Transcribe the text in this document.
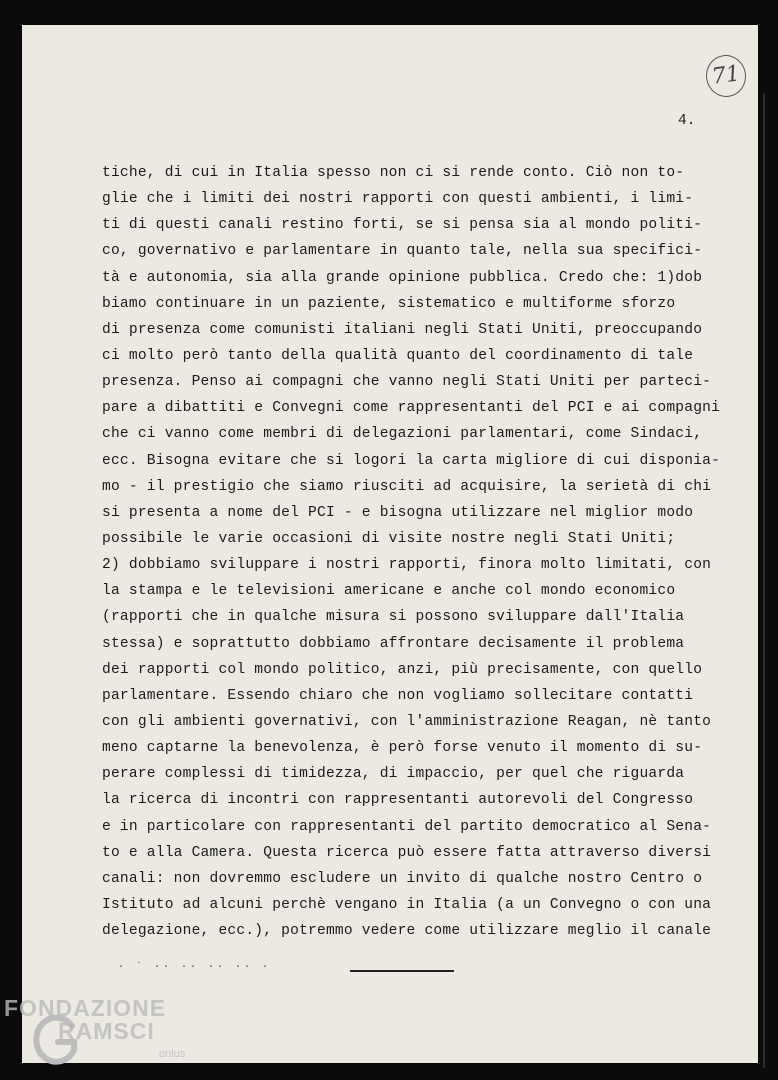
71
4.
tiche, di cui in Italia spesso non ci si rende conto. Ciò non to-
glie che i limiti dei nostri rapporti con questi ambienti, i limi-
ti di questi canali restino forti, se si pensa sia al mondo politi-
co, governativo e parlamentare in quanto tale, nella sua specifici-
tà e autonomia, sia alla grande opinione pubblica. Credo che: 1)dob
biamo continuare in un paziente, sistematico e multiforme sforzo
di presenza come comunisti italiani negli Stati Uniti, preoccupando
ci molto però tanto della qualità quanto del coordinamento di tale
presenza. Penso ai compagni che vanno negli Stati Uniti per parteci-
pare a dibattiti e Convegni come rappresentanti del PCI e ai compagni
che ci vanno come membri di delegazioni parlamentari, come Sindaci,
ecc. Bisogna evitare che si logori la carta migliore di cui disponia-
mo - il prestigio che siamo riusciti ad acquisire, la serietà di chi
si presenta a nome del PCI - e bisogna utilizzare nel miglior modo
possibile le varie occasioni di visite nostre negli Stati Uniti;
2) dobbiamo sviluppare i nostri rapporti, finora molto limitati, con
la stampa e le televisioni americane e anche col mondo economico
(rapporti che in qualche misura si possono sviluppare dall'Italia
stessa) e soprattutto dobbiamo affrontare decisamente il problema
dei rapporti col mondo politico, anzi, più precisamente, con quello
parlamentare. Essendo chiaro che non vogliamo sollecitare contatti
con gli ambienti governativi, con l'amministrazione Reagan, nè tanto
meno captarne la benevolenza, è però forse venuto il momento di su-
perare complessi di timidezza, di impaccio, per quel che riguarda
la ricerca di incontri con rappresentanti autorevoli del Congresso
e in particolare con rappresentanti del partito democratico al Sena-
to e alla Camera. Questa ricerca può essere fatta attraverso diversi
canali: non dovremmo escludere un invito di qualche nostro Centro o
Istituto ad alcuni perchè vengano in Italia (a un Convegno o con una
delegazione, ecc.), potremmo vedere come utilizzare meglio il canale
· ` ·· ·· ·· ·· ·
FONDAZIONE
RAMSCI
onlus
